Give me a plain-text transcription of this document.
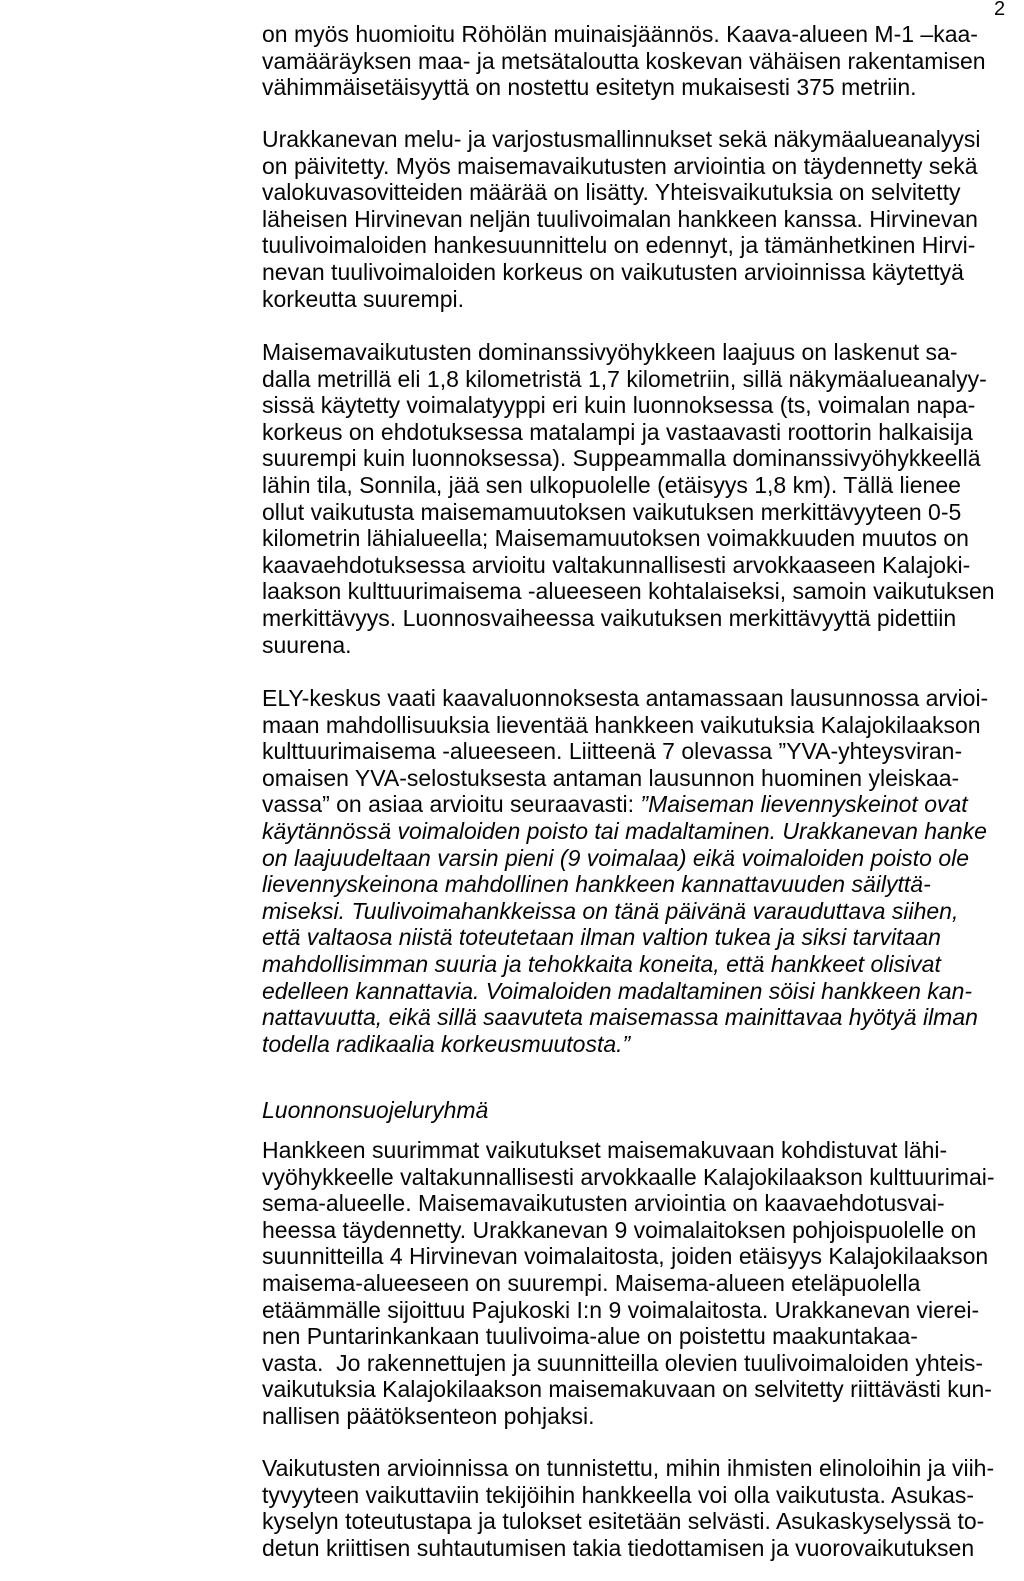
2
on myös huomioitu Röhölän muinaisjäännös. Kaava-alueen M-1 –kaa-
vamääräyksen maa- ja metsätaloutta koskevan vähäisen rakentamisen
vähimmäisetäisyyttä on nostettu esitetyn mukaisesti 375 metriin.
Urakkanevan melu- ja varjostusmallinnukset sekä näkymäalueanalyysi
on päivitetty. Myös maisemavaikutusten arviointia on täydennetty sekä
valokuvasovitteiden määrää on lisätty. Yhteisvaikutuksia on selvitetty
läheisen Hirvinevan neljän tuulivoimalan hankkeen kanssa. Hirvinevan
tuulivoimaloiden hankesuunnittelu on edennyt, ja tämänhetkinen Hirvi-
nevan tuulivoimaloiden korkeus on vaikutusten arvioinnissa käytettyä
korkeutta suurempi.
Maisemavaikutusten dominanssivyöhykkeen laajuus on laskenut sa-
dalla metrillä eli 1,8 kilometristä 1,7 kilometriin, sillä näkymäalueanalyy-
sissä käytetty voimalatyyppi eri kuin luonnoksessa (ts, voimalan napa-
korkeus on ehdotuksessa matalampi ja vastaavasti roottorin halkaisija
suurempi kuin luonnoksessa). Suppeammalla dominanssivyöhykkeellä
lähin tila, Sonnila, jää sen ulkopuolelle (etäisyys 1,8 km). Tällä lienee
ollut vaikutusta maisemamuutoksen vaikutuksen merkittävyyteen 0-5
kilometrin lähialueella; Maisemamuutoksen voimakkuuden muutos on
kaavaehdotuksessa arvioitu valtakunnallisesti arvokkaaseen Kalajoki-
laakson kulttuurimaisema -alueeseen kohtalaiseksi, samoin vaikutuksen
merkittävyys. Luonnosvaiheessa vaikutuksen merkittävyyttä pidettiin
suurena.
ELY-keskus vaati kaavaluonnoksesta antamassaan lausunnossa arvioi-
maan mahdollisuuksia lieventää hankkeen vaikutuksia Kalajokilaakson
kulttuurimaisema -alueeseen. Liitteenä 7 olevassa ”YVA-yhteysviran-
omaisen YVA-selostuksesta antaman lausunnon huominen yleiskaa-
vassa” on asiaa arvioitu seuraavasti: ”Maiseman lievennyskeinot ovat
käytännössä voimaloiden poisto tai madaltaminen. Urakkanevan hanke
on laajuudeltaan varsin pieni (9 voimalaa) eikä voimaloiden poisto ole
lievennyskeinona mahdollinen hankkeen kannattavuuden säilyttä-
miseksi. Tuulivoimahankkeissa on tänä päivänä varauduttava siihen,
että valtaosa niistä toteutetaan ilman valtion tukea ja siksi tarvitaan
mahdollisimman suuria ja tehokkaita koneita, että hankkeet olisivat
edelleen kannattavia. Voimaloiden madaltaminen söisi hankkeen kan-
nattavuutta, eikä sillä saavuteta maisemassa mainittavaa hyötyä ilman
todella radikaalia korkeusmuutosta.”
Luonnonsuojeluryhmä
Hankkeen suurimmat vaikutukset maisemakuvaan kohdistuvat lähi-
vyöhykkeelle valtakunnallisesti arvokkaalle Kalajokilaakson kulttuurimai-
sema-alueelle. Maisemavaikutusten arviointia on kaavaehdotusvai-
heessa täydennetty. Urakkanevan 9 voimalaitoksen pohjoispuolelle on
suunnitteilla 4 Hirvinevan voimalaitosta, joiden etäisyys Kalajokilaakson
maisema-alueeseen on suurempi. Maisema-alueen eteläpuolella
etäämmälle sijoittuu Pajukoski I:n 9 voimalaitosta. Urakkanevan vierei-
nen Puntarinkankaan tuulivoima-alue on poistettu maakuntakaa-
vasta.  Jo rakennettujen ja suunnitteilla olevien tuulivoimaloiden yhteis-
vaikutuksia Kalajokilaakson maisemakuvaan on selvitetty riittävästi kun-
nallisen päätöksenteon pohjaksi.
Vaikutusten arvioinnissa on tunnistettu, mihin ihmisten elinoloihin ja viih-
tyvyyteen vaikuttaviin tekijöihin hankkeella voi olla vaikutusta. Asukas-
kyselyn toteutustapa ja tulokset esitetään selvästi. Asukaskyselyssä to-
detun kriittisen suhtautumisen takia tiedottamisen ja vuorovaikutuksen
